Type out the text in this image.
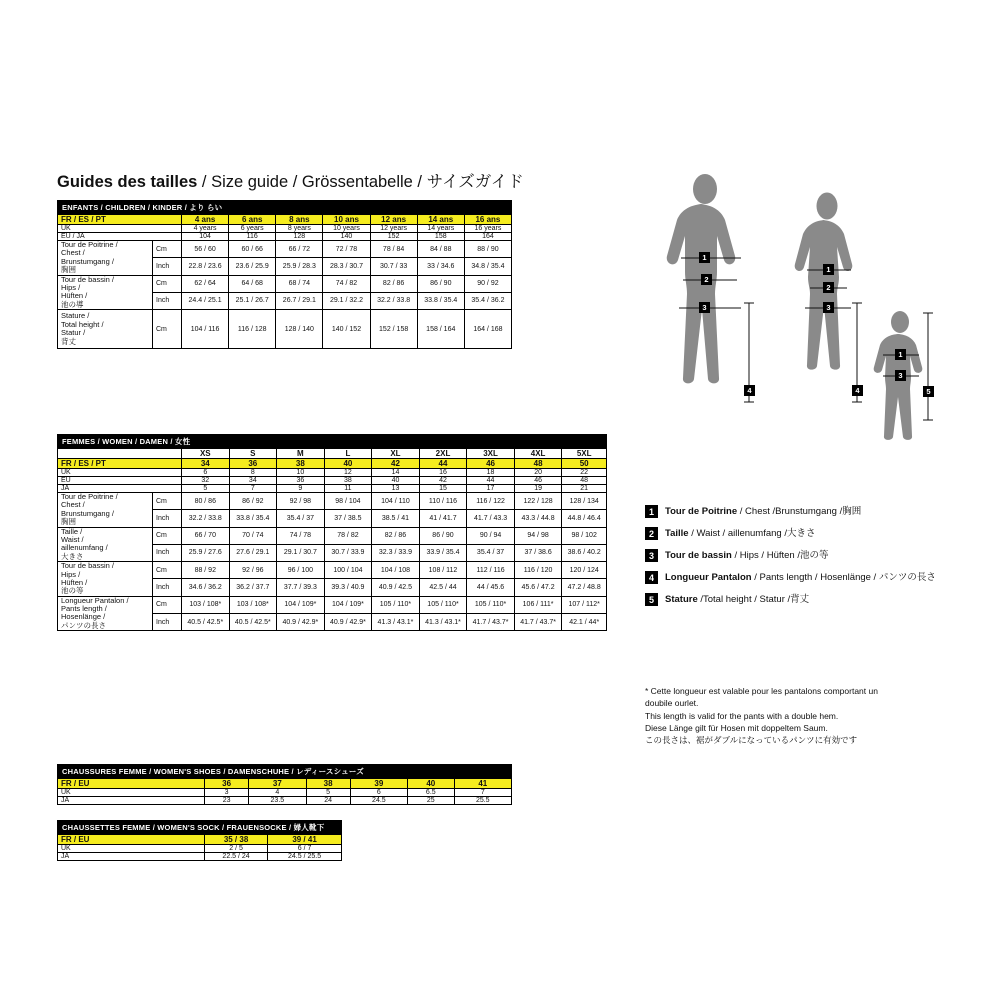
Guides des tailles / Size guide / Grössentabelle / サイズガイド
ENFANTS / CHILDREN / KINDER / より らい								
FR / ES / PT		4 ans	6 ans	8 ans	10 ans	12 ans	14 ans	16 ans
UK		4 years	6 years	8 years	10 years	12 years	14 years	16 years
EU / JA		104	116	128	140	152	158	164
Tour de Poitrine /
Chest /
Brunstumgang /
胸囲	Cm	56 / 60	60 / 66	66 / 72	72 / 78	78 / 84	84 / 88	88 / 90
	Inch	22.8 / 23.6	23.6 / 25.9	25.9 / 28.3	28.3 / 30.7	30.7 / 33	33 / 34.6	34.8 / 35.4
Tour de bassin /
Hips /
Hüften /
池の導	Cm	62 / 64	64 / 68	68 / 74	74 / 82	82 / 86	86 / 90	90 / 92
	Inch	24.4 / 25.1	25.1 / 26.7	26.7 / 29.1	29.1 / 32.2	32.2 / 33.8	33.8 / 35.4	35.4 / 36.2
Stature /
Total height /
Statur /
背丈	Cm	104 / 116	116 / 128	128 / 140	140 / 152	152 / 158	158 / 164	164 / 168
FEMMES / WOMEN / DAMEN / 女性										
		XS	S	M	L	XL	2XL	3XL	4XL	5XL
FR / ES / PT		34	36	38	40	42	44	46	48	50
UK		6	8	10	12	14	16	18	20	22
EU		32	34	36	38	40	42	44	46	48
JA		5	7	9	11	13	15	17	19	21
Tour de Poitrine /
Chest /
Brunstumgang /
胸囲	Cm	80 / 86	86 / 92	92 / 98	98 / 104	104 / 110	110 / 116	116 / 122	122 / 128	128 / 134
	Inch	32.2 / 33.8	33.8 / 35.4	35.4 / 37	37 / 38.5	38.5 / 41	41 / 41.7	41.7 / 43.3	43.3 / 44.8	44.8 / 46.4
Taille /
Waist /
aillenumfang /
大きさ	Cm	66 / 70	70 / 74	74 / 78	78 / 82	82 / 86	86 / 90	90 / 94	94 / 98	98 / 102
	Inch	25.9 / 27.6	27.6 / 29.1	29.1 / 30.7	30.7 / 33.9	32.3 / 33.9	33.9 / 35.4	35.4 / 37	37 / 38.6	38.6 / 40.2
Tour de bassin /
Hips /
Hüften /
池の等	Cm	88 / 92	92 / 96	96 / 100	100 / 104	104 / 108	108 / 112	112 / 116	116 / 120	120 / 124
	Inch	34.6 / 36.2	36.2 / 37.7	37.7 / 39.3	39.3 / 40.9	40.9 / 42.5	42.5 / 44	44 / 45.6	45.6 / 47.2	47.2 / 48.8
Longueur Pantalon /
Pants length /
Hosenlänge /
パンツの長さ	Cm	103 / 108*	103 / 108*	104 / 109*	104 / 109*	105 / 110*	105 / 110*	105 / 110*	106 / 111*	107 / 112*
	Inch	40.5 / 42.5*	40.5 / 42.5*	40.9 / 42.9*	40.9 / 42.9*	41.3 / 43.1*	41.3 / 43.1*	41.7 / 43.7*	41.7 / 43.7*	42.1 / 44*
CHAUSSURES FEMME / WOMEN'S SHOES / DAMENSCHUHE / レディースシューズ						
FR / EU	36	37	38	39	40	41
UK	3	4	5	6	6.5	7
JA	23	23.5	24	24.5	25	25.5
CHAUSSETTES FEMME / WOMEN'S SOCK / FRAUENSOCKE / 婦人靴下		
FR / EU	35 / 38	39 / 41
UK	2 / 5	6 / 7
JA	22.5 / 24	24.5 / 25.5
1
2
3
4
1
2
3
4
1
3
5
1	Tour de Poitrine / Chest /Brunstumgang /胸囲
2	Taille / Waist / aillenumfang /大きさ
3	Tour de bassin / Hips / Hüften /池の等
4	Longueur Pantalon / Pants length / Hosenlänge / パンツの長さ
5	Stature /Total height / Statur /背丈
* Cette longueur est valable pour les pantalons comportant un
doubile ourlet.
This length is valid for the pants with a double hem.
Diese Länge gilt für Hosen mit doppeltem Saum.
この長さは、裾がダブルになっているパンツに有効です
